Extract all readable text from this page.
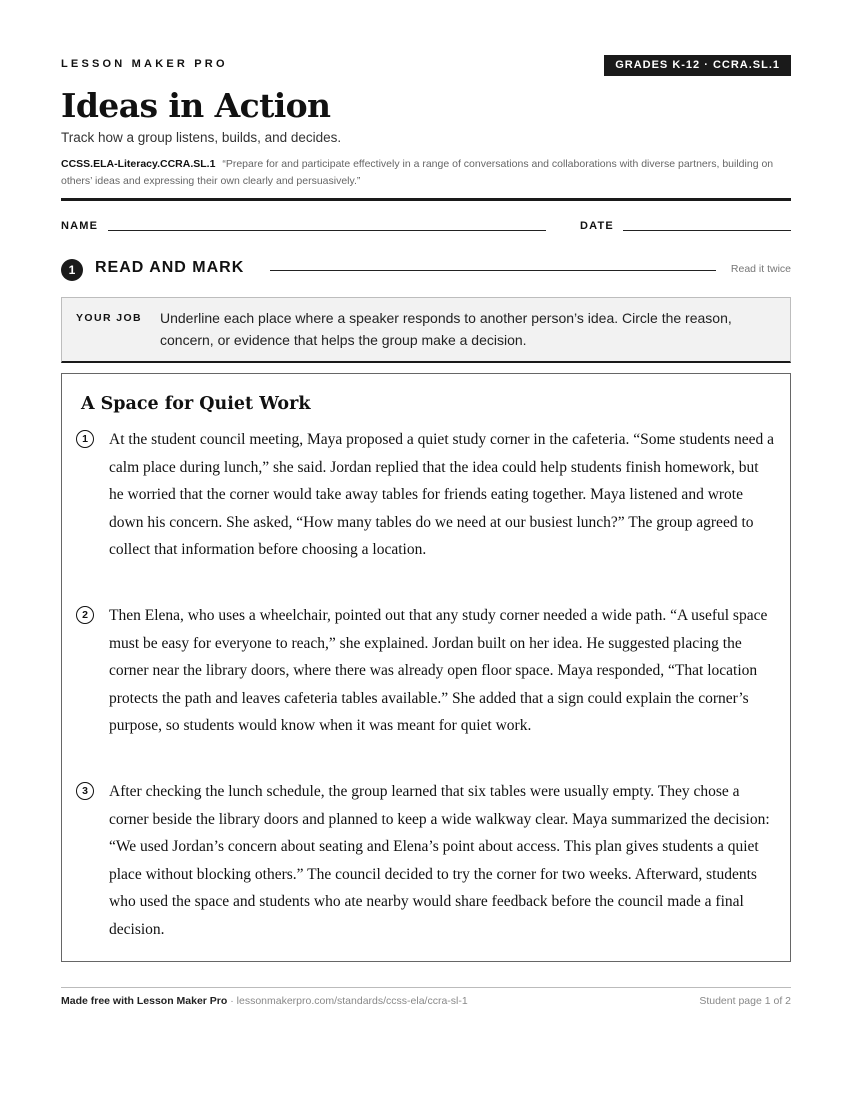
LESSON MAKER PRO	GRADES K-12 · CCRA.SL.1
Ideas in Action
Track how a group listens, builds, and decides.
CCSS.ELA-Literacy.CCRA.SL.1 “Prepare for and participate effectively in a range of conversations and collaborations with diverse partners, building on others’ ideas and expressing their own clearly and persuasively.”
NAME	DATE
1	READ AND MARK	Read it twice
YOUR JOB Underline each place where a speaker responds to another person’s idea. Circle the reason, concern, or evidence that helps the group make a decision.
A Space for Quiet Work
1	At the student council meeting, Maya proposed a quiet study corner in the cafeteria. “Some students need a calm place during lunch,” she said. Jordan replied that the idea could help students finish homework, but he worried that the corner would take away tables for friends eating together. Maya listened and wrote down his concern. She asked, “How many tables do we need at our busiest lunch?” The group agreed to collect that information before choosing a location.
2	Then Elena, who uses a wheelchair, pointed out that any study corner needed a wide path. “A useful space must be easy for everyone to reach,” she explained. Jordan built on her idea. He suggested placing the corner near the library doors, where there was already open floor space. Maya responded, “That location protects the path and leaves cafeteria tables available.” She added that a sign could explain the corner’s purpose, so students would know when it was meant for quiet work.
3	After checking the lunch schedule, the group learned that six tables were usually empty. They chose a corner beside the library doors and planned to keep a wide walkway clear. Maya summarized the decision: “We used Jordan’s concern about seating and Elena’s point about access. This plan gives students a quiet place without blocking others.” The council decided to try the corner for two weeks. Afterward, students who used the space and students who ate nearby would share feedback before the council made a final decision.
Made free with Lesson Maker Pro · lessonmakerpro.com/standards/ccss-ela/ccra-sl-1	Student page 1 of 2
